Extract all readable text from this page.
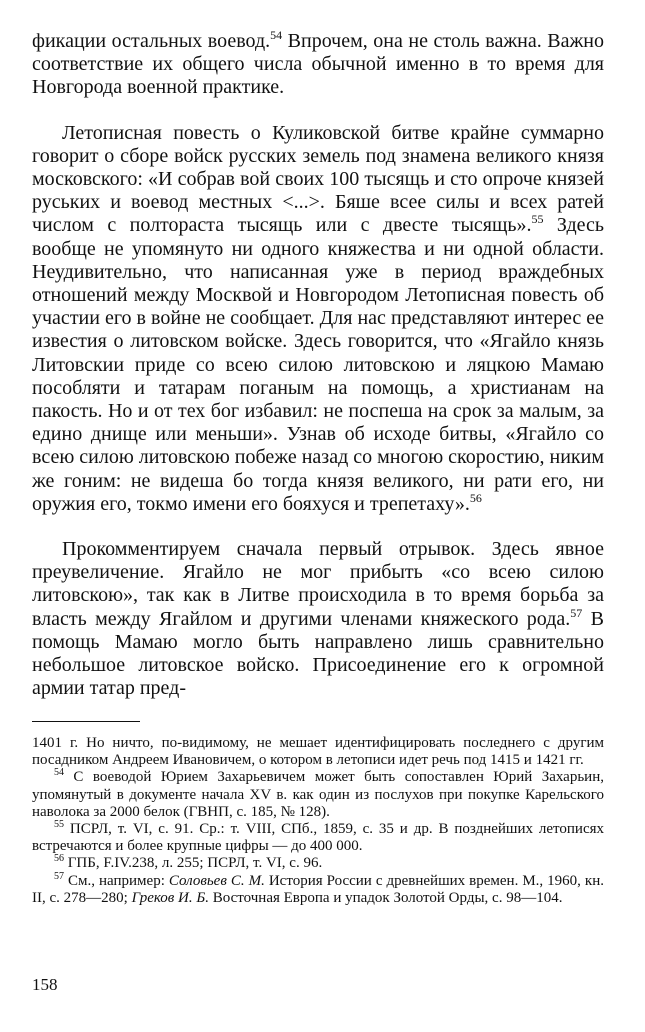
фикации остальных воевод.$^{54}$ Впрочем, она не столь важна. Важно соответствие их общего числа обычной именно в то время для Новгорода военной практике.

Летописная повесть о Куликовской битве крайне суммарно говорит о сборе войск русских земель под знамена великого князя московского: «И собрав вой своих 100 тысящь и сто опроче князей руських и воевод местных <...>. Бяше всее силы и всех ратей числом с полтораста тысящь или с двесте тысящь».$^{55}$ Здесь вообще не упомянуто ни одного княжества и ни одной области. Неудивительно, что написанная уже в период враждебных отношений между Москвой и Новгородом Летописная повесть об участии его в войне не сообщает. Для нас представляют интерес ее известия о литовском войске. Здесь говорится, что «Ягайло князь Литовскии приде со всею силою литовскою и ляцкою Мамаю пособляти и татарам поганым на помощь, а христианам на пакость. Но и от тех бог избавил: не поспеша на срок за малым, за едино днище или меньши». Узнав об исходе битвы, «Ягайло со всею силою литовскою побеже назад со многою скоростию, никим же гоним: не видеша бо тогда князя великого, ни рати его, ни оружия его, токмо имени его бояхуся и трепетаху».$^{56}$

Прокомментируем сначала первый отрывок. Здесь явное преувеличение. Ягайло не мог прибыть «со всею силою литовскою», так как в Литве происходила в то время борьба за власть между Ягайлом и другими членами княжеского рода.$^{57}$ В помощь Мамаю могло быть направлено лишь сравнительно небольшое литовское войско. Присоединение его к огромной армии татар пред-

1401 г. Но ничто, по-видимому, не мешает идентифицировать последнего с другим посадником Андреем Ивановичем, о котором в летописи идет речь под 1415 и 1421 гг.

$^{54}$ С воеводой Юрием Захарьевичем может быть сопоставлен Юрий Захарьин, упомянутый в документе начала XV в. как один из послухов при покупке Карельского наволока за 2000 белок (ГВНП, с. 185, № 128).

$^{55}$ ПСРЛ, т. VI, с. 91. Ср.: т. VIII, СПб., 1859, с. 35 и др. В позднейших летописях встречаются и более крупные цифры — до 400 000.

$^{56}$ ГПБ, F.IV.238, л. 255; ПСРЛ, т. VI, с. 96.

$^{57}$ См., например: Соловьев С. М. История России с древнейших времен. М., 1960, кн. II, с. 278—280; Греков И. Б. Восточная Европа и упадок Золотой Орды, с. 98—104.

158
